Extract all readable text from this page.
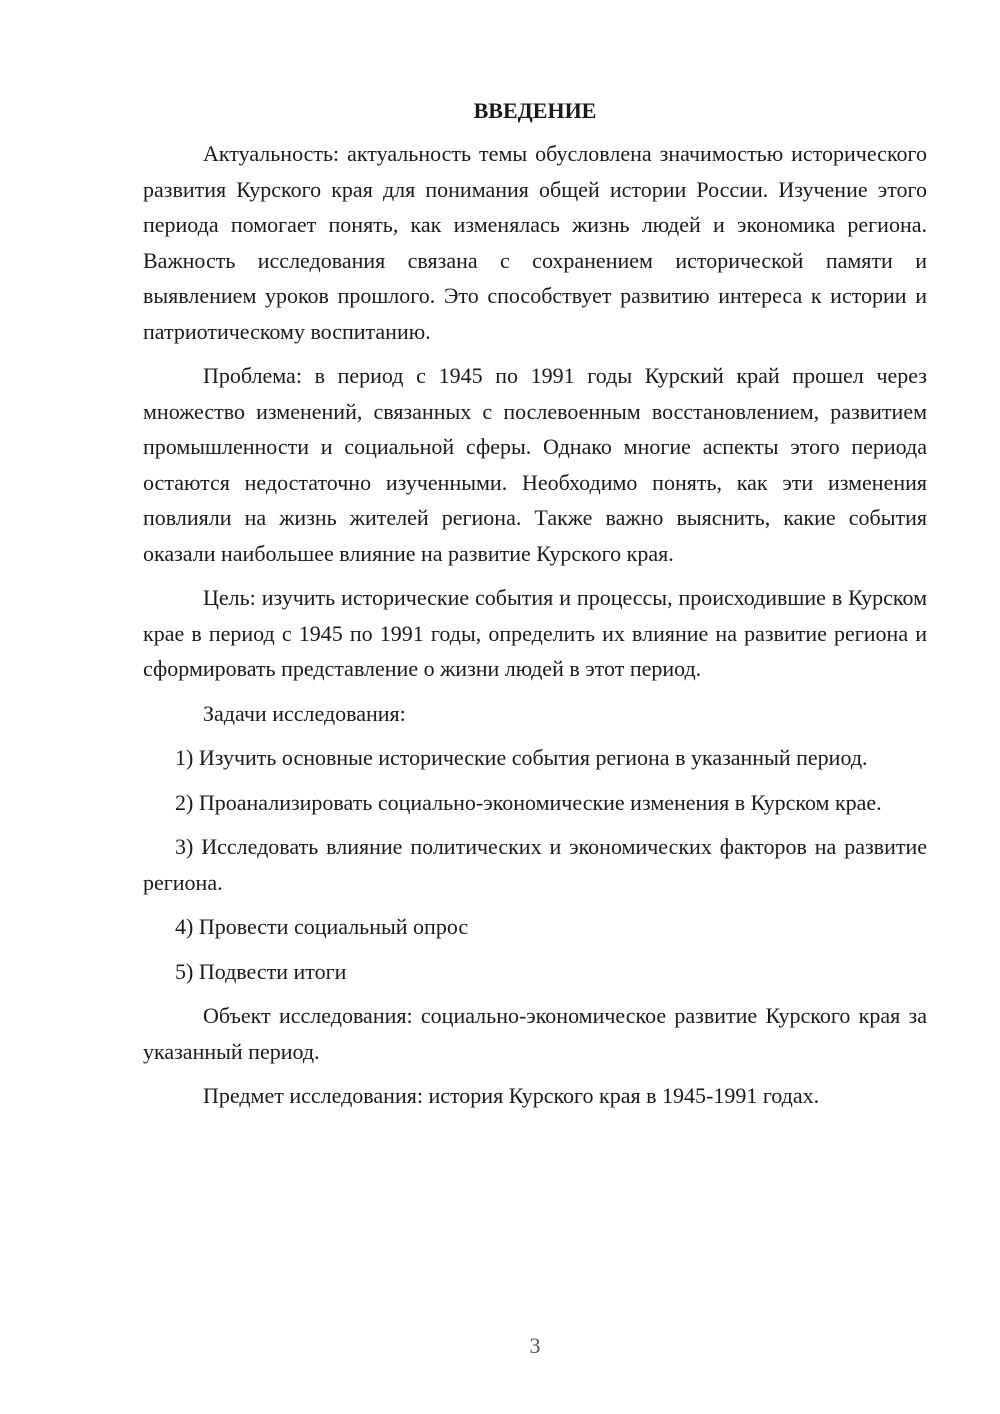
ВВЕДЕНИЕ

Актуальность: актуальность темы обусловлена значимостью исторического развития Курского края для понимания общей истории России. Изучение этого периода помогает понять, как изменялась жизнь людей и экономика региона. Важность исследования связана с сохранением исторической памяти и выявлением уроков прошлого. Это способствует развитию интереса к истории и патриотическому воспитанию.

Проблема: в период с 1945 по 1991 годы Курский край прошел через множество изменений, связанных с послевоенным восстановлением, развитием промышленности и социальной сферы. Однако многие аспекты этого периода остаются недостаточно изученными. Необходимо понять, как эти изменения повлияли на жизнь жителей региона. Также важно выяснить, какие события оказали наибольшее влияние на развитие Курского края.

Цель: изучить исторические события и процессы, происходившие в Курском крае в период с 1945 по 1991 годы, определить их влияние на развитие региона и сформировать представление о жизни людей в этот период.

Задачи исследования:

1) Изучить основные исторические события региона в указанный период.

2) Проанализировать социально-экономические изменения в Курском крае.

3) Исследовать влияние политических и экономических факторов на развитие региона.

4) Провести социальный опрос

5) Подвести итоги

Объект исследования: социально-экономическое развитие Курского края за указанный период.

Предмет исследования: история Курского края в 1945-1991 годах.

3
